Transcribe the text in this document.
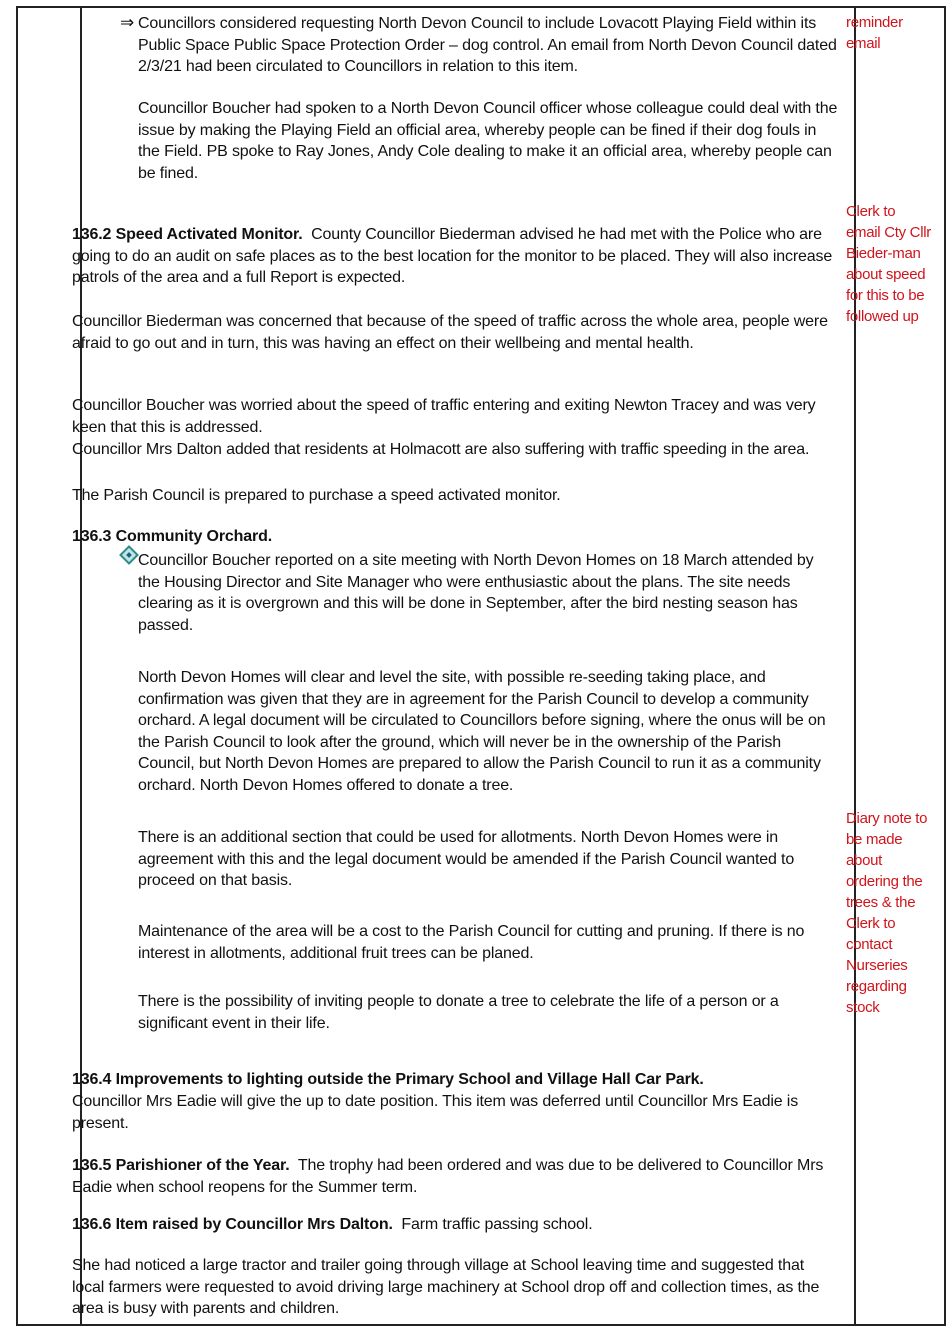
⇒ Councillors considered requesting North Devon Council to include Lovacott Playing Field within its Public Space Public Space Protection Order – dog control. An email from North Devon Council dated 2/3/21 had been circulated to Councillors in relation to this item.

Councillor Boucher had spoken to a North Devon Council officer whose colleague could deal with the issue by making the Playing Field an official area, whereby people can be fined if their dog fouls in the Field. PB spoke to Ray Jones, Andy Cole dealing to make it an official area, whereby people can be fined.

136.2 Speed Activated Monitor. County Councillor Biederman advised he had met with the Police who are going to do an audit on safe places as to the best location for the monitor to be placed. They will also increase patrols of the area and a full Report is expected.

Councillor Biederman was concerned that because of the speed of traffic across the whole area, people were afraid to go out and in turn, this was having an effect on their wellbeing and mental health.

Councillor Boucher was worried about the speed of traffic entering and exiting Newton Tracey and was very keen that this is addressed.

Councillor Mrs Dalton added that residents at Holmacott are also suffering with traffic speeding in the area.

The Parish Council is prepared to purchase a speed activated monitor.

136.3 Community Orchard.

Councillor Boucher reported on a site meeting with North Devon Homes on 18 March attended by the Housing Director and Site Manager who were enthusiastic about the plans. The site needs clearing as it is overgrown and this will be done in September, after the bird nesting season has passed.

North Devon Homes will clear and level the site, with possible re-seeding taking place, and confirmation was given that they are in agreement for the Parish Council to develop a community orchard. A legal document will be circulated to Councillors before signing, where the onus will be on the Parish Council to look after the ground, which will never be in the ownership of the Parish Council, but North Devon Homes are prepared to allow the Parish Council to run it as a community orchard. North Devon Homes offered to donate a tree.

There is an additional section that could be used for allotments. North Devon Homes were in agreement with this and the legal document would be amended if the Parish Council wanted to proceed on that basis.

Maintenance of the area will be a cost to the Parish Council for cutting and pruning. If there is no interest in allotments, additional fruit trees can be planed.

There is the possibility of inviting people to donate a tree to celebrate the life of a person or a significant event in their life.

136.4 Improvements to lighting outside the Primary School and Village Hall Car Park.

Councillor Mrs Eadie will give the up to date position. This item was deferred until Councillor Mrs Eadie is present.

136.5 Parishioner of the Year. The trophy had been ordered and was due to be delivered to Councillor Mrs Eadie when school reopens for the Summer term.

136.6 Item raised by Councillor Mrs Dalton. Farm traffic passing school.

She had noticed a large tractor and trailer going through village at School leaving time and suggested that local farmers were requested to avoid driving large machinery at School drop off and collection times, as the area is busy with parents and children.

reminder email

Clerk to email Cty Cllr Bieder-man about speed for this to be followed up

Diary note to be made about ordering the trees & the Clerk to contact Nurseries regarding stock
